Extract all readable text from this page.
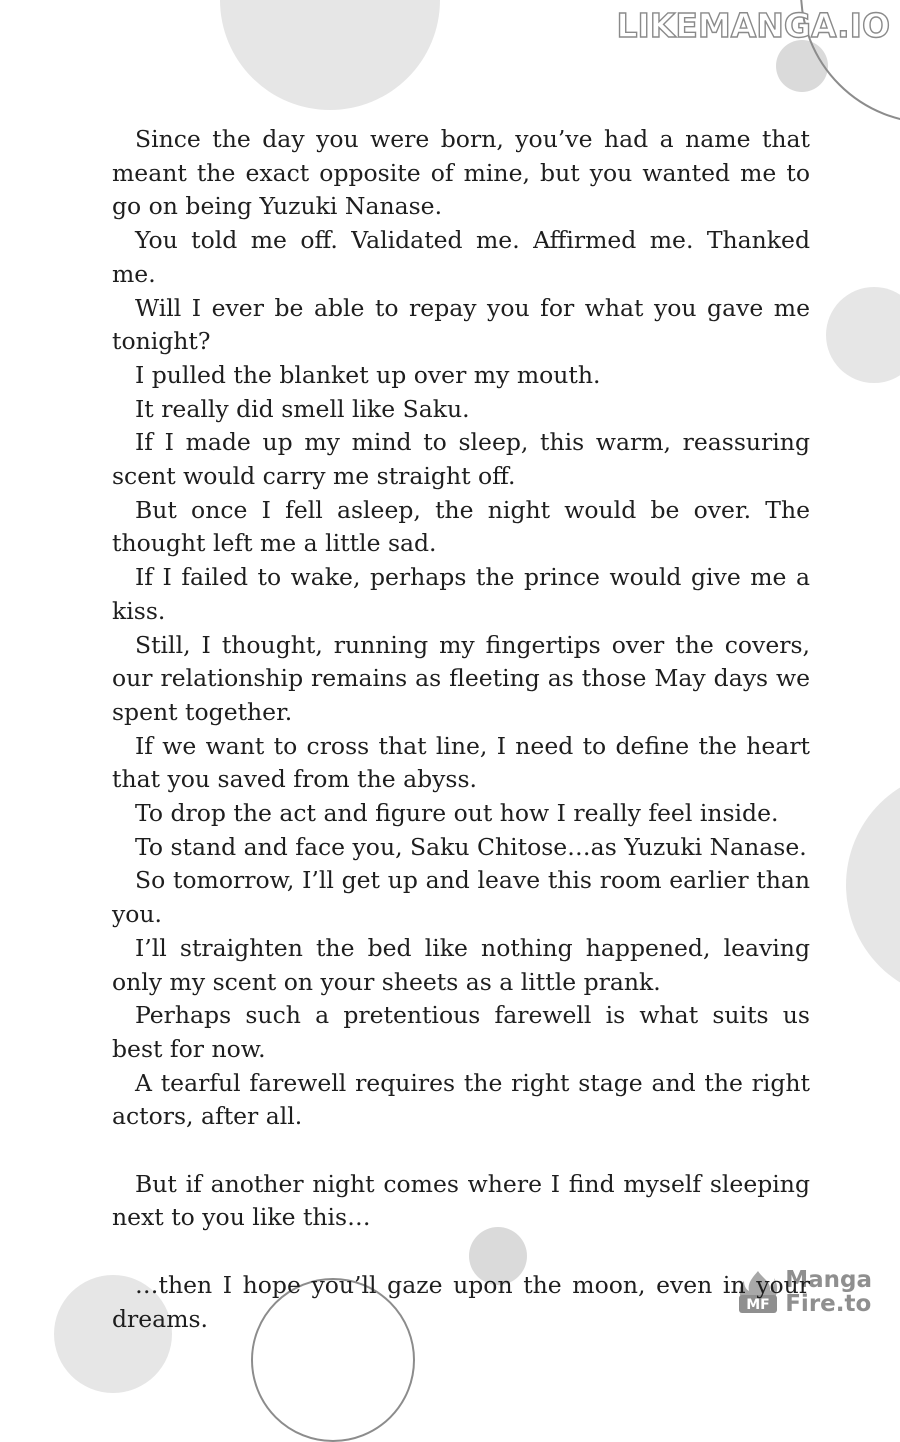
LIKEMANGA.IO
MF
Manga
Fire.to

Since the day you were born, you’ve had a name that meant the exact opposite of mine, but you wanted me to go on being Yuzuki Nanase.

You told me off. Validated me. Affirmed me. Thanked me.

Will I ever be able to repay you for what you gave me tonight?

I pulled the blanket up over my mouth.

It really did smell like Saku.

If I made up my mind to sleep, this warm, reassuring scent would carry me straight off.

But once I fell asleep, the night would be over. The thought left me a little sad.

If I failed to wake, perhaps the prince would give me a kiss.

Still, I thought, running my fingertips over the covers, our relationship remains as fleeting as those May days we spent together.

If we want to cross that line, I need to define the heart that you saved from the abyss.

To drop the act and figure out how I really feel inside.

To stand and face you, Saku Chitose…as Yuzuki Nanase.

So tomorrow, I’ll get up and leave this room earlier than you.

I’ll straighten the bed like nothing happened, leaving only my scent on your sheets as a little prank.

Perhaps such a pretentious farewell is what suits us best for now.

A tearful farewell requires the right stage and the right actors, after all.

But if another night comes where I find myself sleeping next to you like this…

…then I hope you’ll gaze upon the moon, even in your dreams.
